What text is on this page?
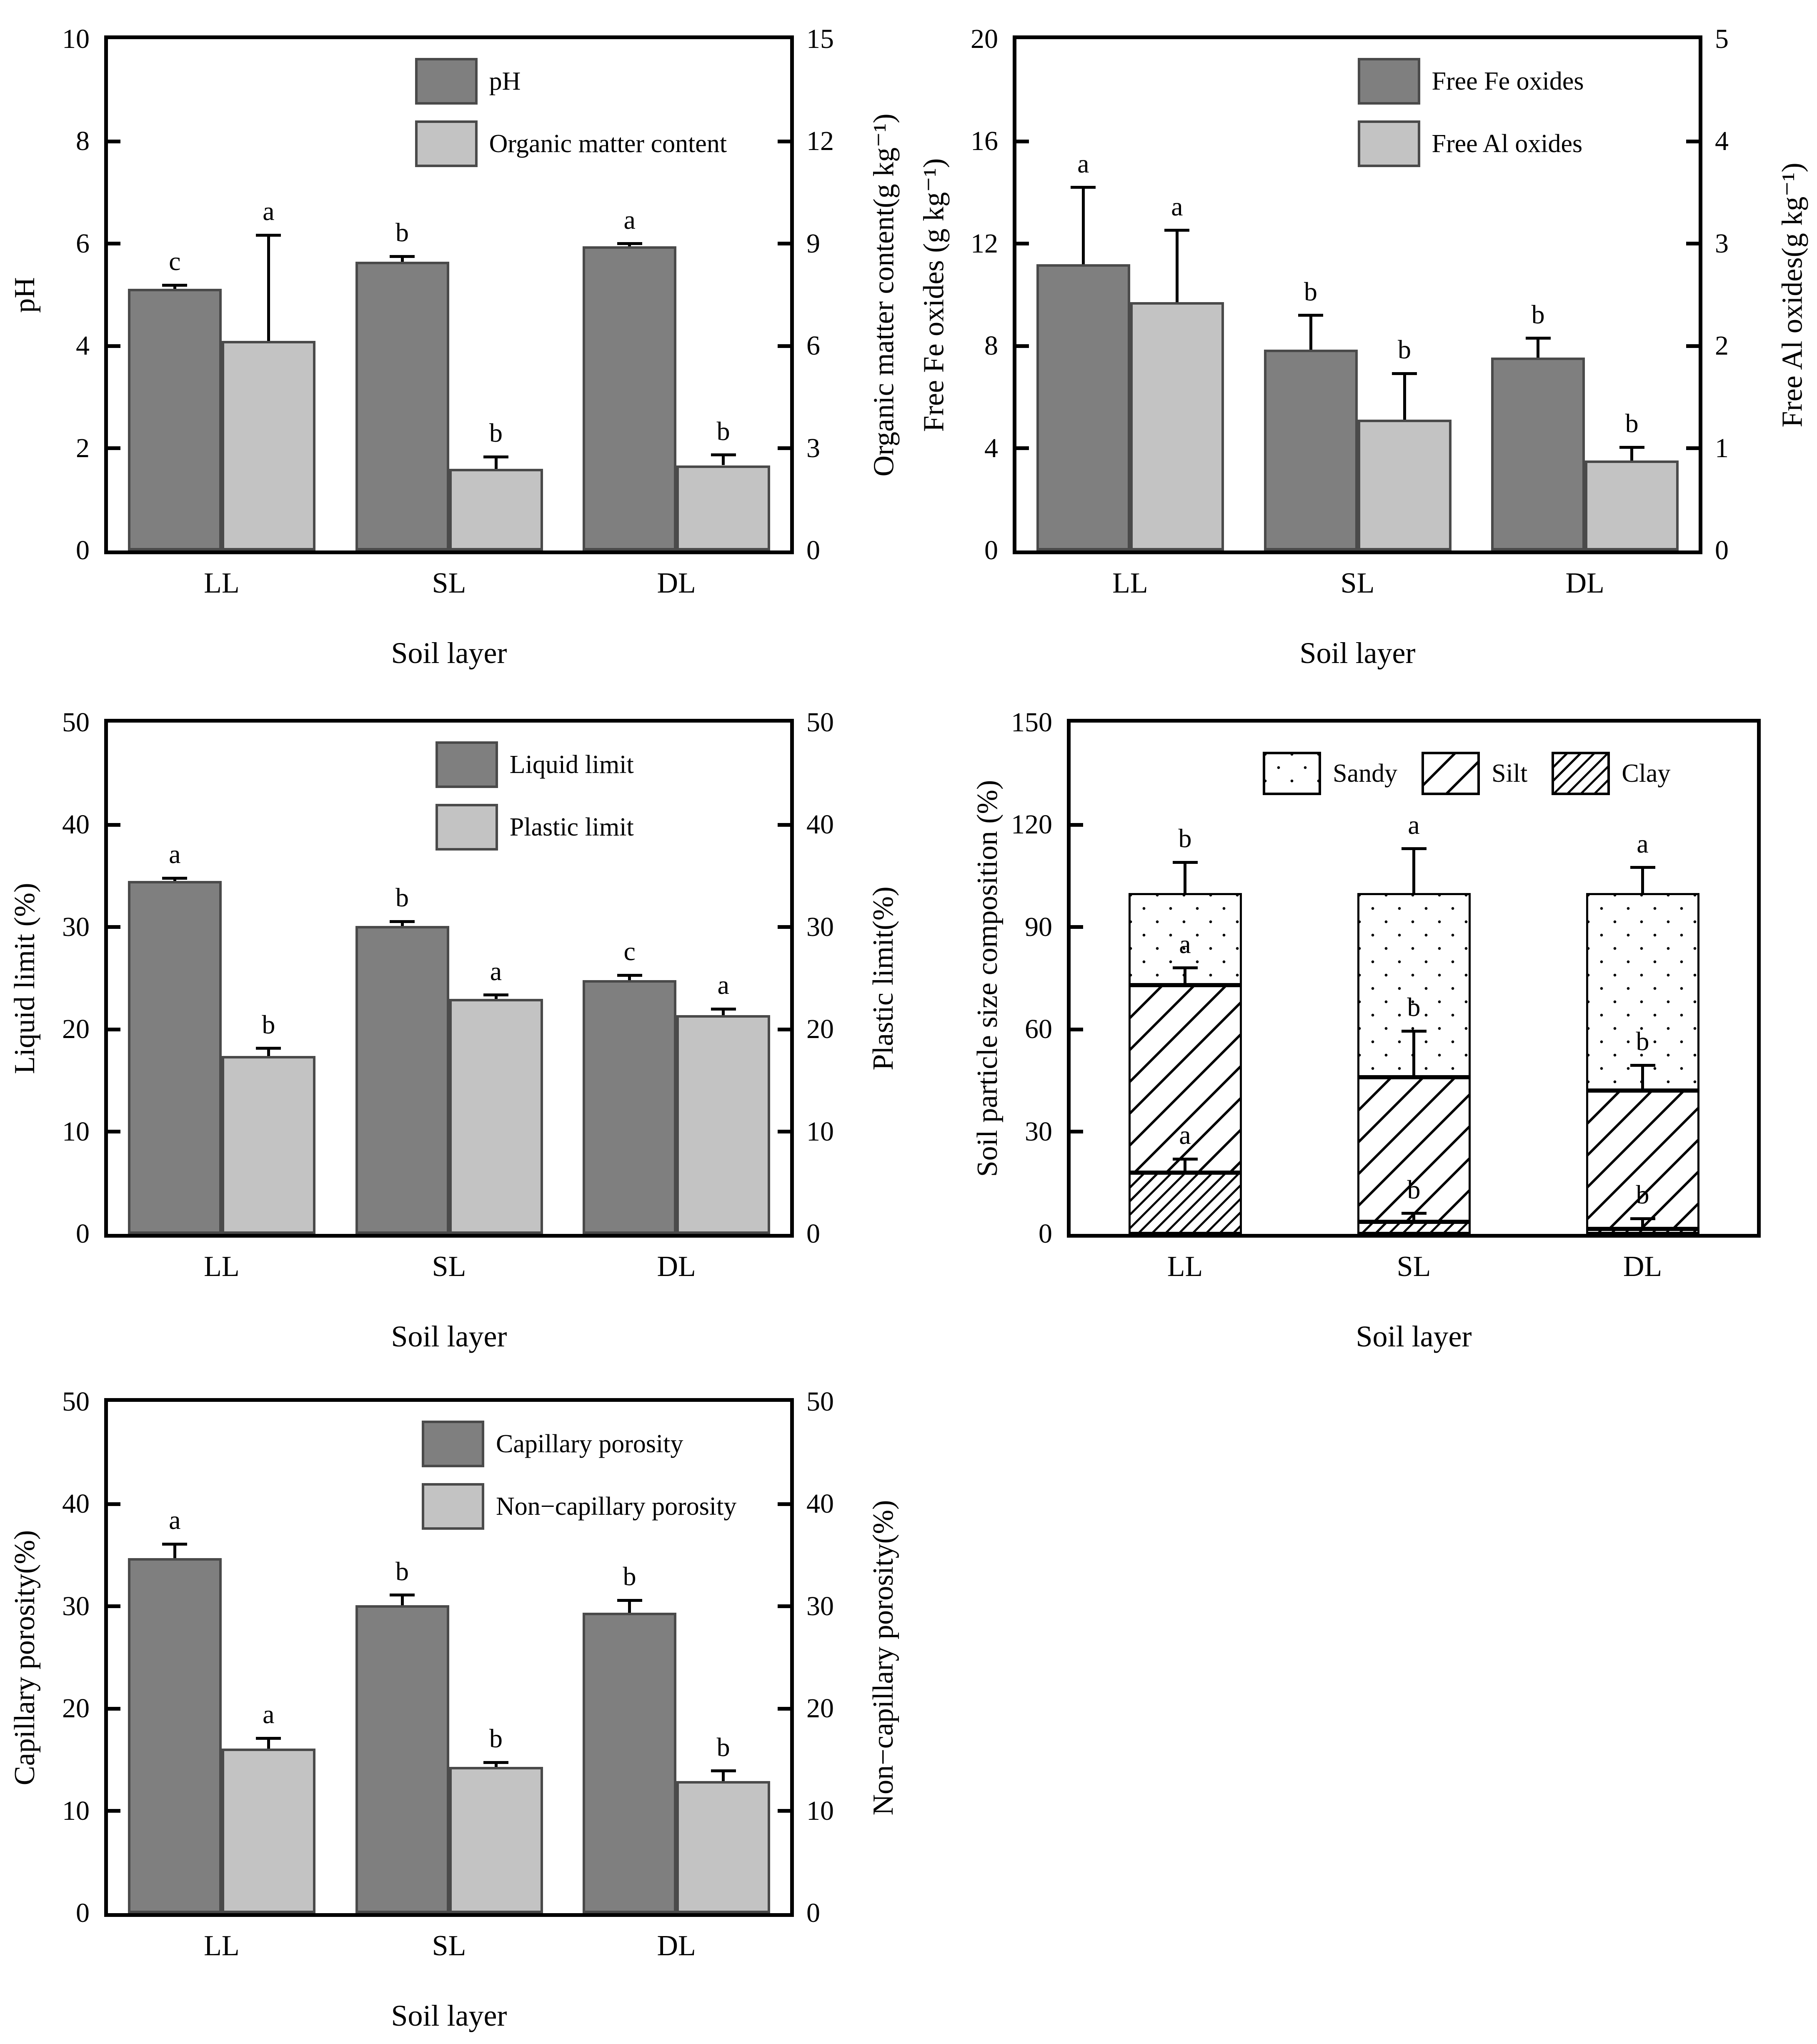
c
b	a
a
b	b
pH
Organic matter content
0
2
4
6
8
10
0
3
6
9
12
15
pH	Organic matter content(g kg⁻¹)
LL	SL	DL
Soil layer
a
b
b
a
b
b
Free Fe oxides
Free Al oxides
0
4
8
12
16
20
0
1
2
3
4
5
Free Fe oxides (g kg⁻¹)	Free Al oxides(g kg⁻¹)
LL	SL	DL
Soil layer
a
b
c
b
a	a
Liquid limit
Plastic limit
0
10
20
30
40
50
0
10
20
30
40
50
Liquid limit (%)	Plastic limit(%)
LL	SL	DL
Soil layer
a
a
b
b
b
a
b
b
a
Sandy	Silt	Clay
0
30
60
90
120
150
Soil particle size composition (%)
LL	SL	DL
Soil layer
a
b	b
a
b	b
Capillary porosity
Non−capillary porosity
0
10
20
30
40
50
0
10
20
30
40
50
Capillary porosity(%)	Non−capillary porosity(%)
LL	SL	DL
Soil layer
